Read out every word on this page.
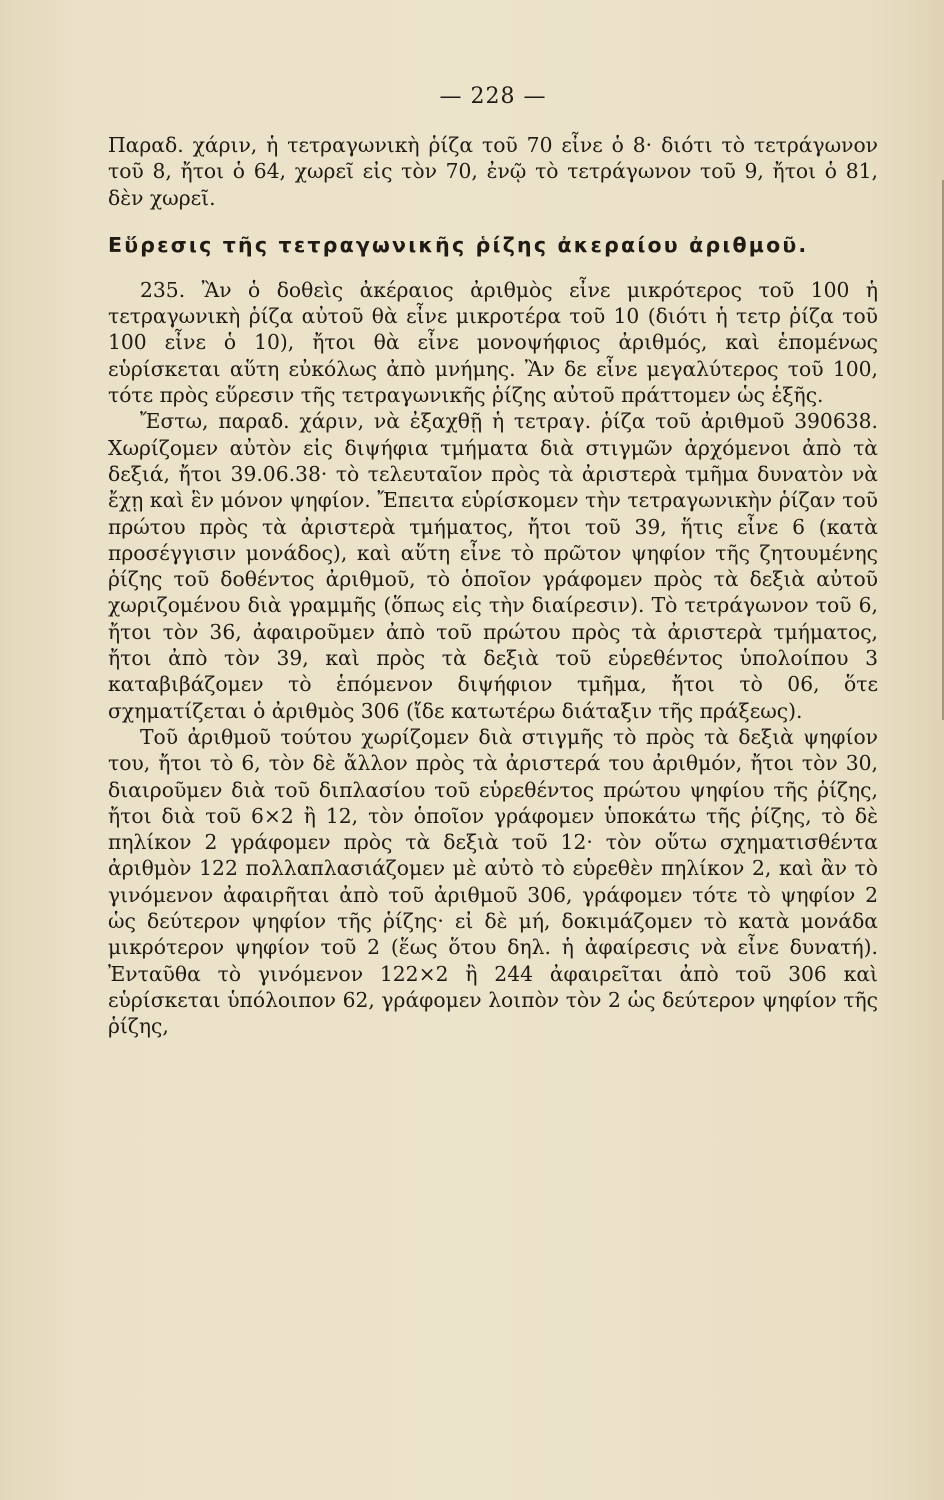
— 228 —

Παραδ. χάριν, ἡ τετραγωνικὴ ῥίζα τοῦ 70 εἶνε ὁ 8· διότι τὸ τετράγωνον τοῦ 8, ἤτοι ὁ 64, χωρεῖ εἰς τὸν 70, ἐνῷ τὸ τετράγωνον τοῦ 9, ἤτοι ὁ 81, δὲν χωρεῖ.

Εὕρεσις τῆς τετραγωνικῆς ῥίζης ἀκεραίου ἀριθμοῦ.

235. Ἂν ὁ δοθεὶς ἀκέραιος ἀριθμὸς εἶνε μικρότερος τοῦ 100 ἡ τετραγωνικὴ ῥίζα αὐτοῦ θὰ εἶνε μικροτέρα τοῦ 10 (διότι ἡ τετρ ῥίζα τοῦ 100 εἶνε ὁ 10), ἤτοι θὰ εἶνε μονοψήφιος ἀριθμός, καὶ ἑπομένως εὑρίσκεται αὕτη εὐκόλως ἀπὸ μνήμης. Ἂν δε εἶνε μεγαλύτερος τοῦ 100, τότε πρὸς εὕρεσιν τῆς τετραγωνικῆς ῥίζης αὐτοῦ πράττομεν ὡς ἑξῆς.

Ἔστω, παραδ. χάριν, νὰ ἐξαχθῇ ἡ τετραγ. ῥίζα τοῦ ἀριθμοῦ 390638. Χωρίζομεν αὐτὸν εἰς διψήφια τμήματα διὰ στιγμῶν ἀρχόμενοι ἀπὸ τὰ δεξιά, ἤτοι 39.06.38· τὸ τελευταῖον πρὸς τὰ ἀριστερὰ τμῆμα δυνατὸν νὰ ἔχῃ καὶ ἓν μόνον ψηφίον. Ἔπειτα εὑρίσκομεν τὴν τετραγωνικὴν ῥίζαν τοῦ πρώτου πρὸς τὰ ἀριστερὰ τμήματος, ἤτοι τοῦ 39, ἥτις εἶνε 6 (κατὰ προσέγγισιν μονάδος), καὶ αὕτη εἶνε τὸ πρῶτον ψηφίον τῆς ζητουμένης ῥίζης τοῦ δοθέντος ἀριθμοῦ, τὸ ὁποῖον γράφομεν πρὸς τὰ δεξιὰ αὐτοῦ χωριζομένου διὰ γραμμῆς (ὅπως εἰς τὴν διαίρεσιν). Τὸ τετράγωνον τοῦ 6, ἤτοι τὸν 36, ἀφαιροῦμεν ἀπὸ τοῦ πρώτου πρὸς τὰ ἀριστερὰ τμήματος, ἤτοι ἀπὸ τὸν 39, καὶ πρὸς τὰ δεξιὰ τοῦ εὑρεθέντος ὑπολοίπου 3 καταβιβάζομεν τὸ ἑπόμενον διψήφιον τμῆμα, ἤτοι τὸ 06, ὅτε σχηματίζεται ὁ ἀριθμὸς 306 (ἴδε κατωτέρω διάταξιν τῆς πράξεως).

Τοῦ ἀριθμοῦ τούτου χωρίζομεν διὰ στιγμῆς τὸ πρὸς τὰ δεξιὰ ψηφίον του, ἤτοι τὸ 6, τὸν δὲ ἄλλον πρὸς τὰ ἀριστερά του ἀριθμόν, ἤτοι τὸν 30, διαιροῦμεν διὰ τοῦ διπλασίου τοῦ εὑρεθέντος πρώτου ψηφίου τῆς ῥίζης, ἤτοι διὰ τοῦ 6×2 ἢ 12, τὸν ὁποῖον γράφομεν ὑποκάτω τῆς ῥίζης, τὸ δὲ πηλίκον 2 γράφομεν πρὸς τὰ δεξιὰ τοῦ 12· τὸν οὕτω σχηματισθέντα ἀριθμὸν 122 πολλαπλασιάζομεν μὲ αὐτὸ τὸ εὑρεθὲν πηλίκον 2, καὶ ἂν τὸ γινόμενον ἀφαιρῆται ἀπὸ τοῦ ἀριθμοῦ 306, γράφομεν τότε τὸ ψηφίον 2 ὡς δεύτερον ψηφίον τῆς ῥίζης· εἰ δὲ μή, δοκιμάζομεν τὸ κατὰ μονάδα μικρότερον ψηφίον τοῦ 2 (ἕως ὅτου δηλ. ἡ ἀφαίρεσις νὰ εἶνε δυνατή). Ἐνταῦθα τὸ γινόμενον 122×2 ἢ 244 ἀφαιρεῖται ἀπὸ τοῦ 306 καὶ εὑρίσκεται ὑπόλοιπον 62, γράφομεν λοιπὸν τὸν 2 ὡς δεύτερον ψηφίον τῆς ῥίζης,
